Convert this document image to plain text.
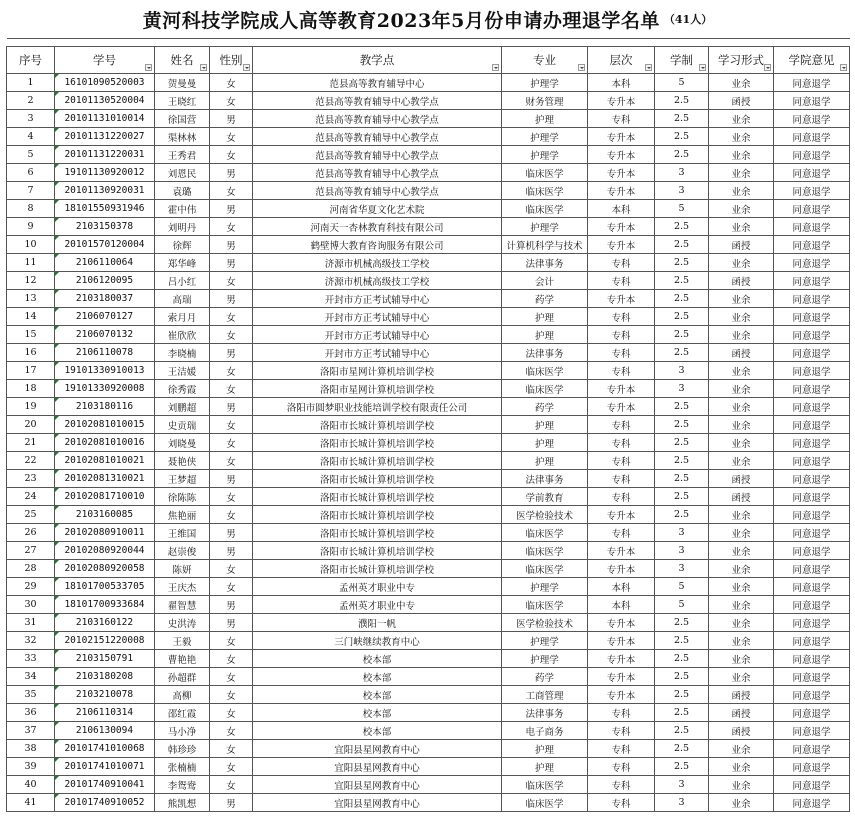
黄河科技学院成人高等教育2023年5月份申请办理退学名单 （41人）

序号	学号	姓名	性别	教学点	专业	层次	学制	学习形式	学院意见

1	16101090520003	贺曼曼	女	范县高等教育辅导中心	护理学	本科	5	业余	同意退学
2	20101130520004	王晓红	女	范县高等教育辅导中心教学点	财务管理	专升本	2.5	函授	同意退学
3	20101131010014	徐国营	男	范县高等教育辅导中心教学点	护理	专科	2.5	业余	同意退学
4	20101131220027	渠林林	女	范县高等教育辅导中心教学点	护理学	专升本	2.5	业余	同意退学
5	20101131220031	王秀君	女	范县高等教育辅导中心教学点	护理学	专升本	2.5	业余	同意退学
6	19101130920012	刘恩民	男	范县高等教育辅导中心教学点	临床医学	专升本	3	业余	同意退学
7	20101130920031	袁璐	女	范县高等教育辅导中心教学点	临床医学	专升本	3	业余	同意退学
8	18101550931946	霍中伟	男	河南省华夏文化艺术院	临床医学	本科	5	业余	同意退学
9	2103150378	刘明丹	女	河南天一杏林教育科技有限公司	护理学	专升本	2.5	业余	同意退学
10	20101570120004	徐辉	男	鹤壁博大教育咨询服务有限公司	计算机科学与技术	专升本	2.5	函授	同意退学
11	2106110064	郑华峰	男	济源市机械高级技工学校	法律事务	专科	2.5	业余	同意退学
12	2106120095	吕小红	女	济源市机械高级技工学校	会计	专科	2.5	函授	同意退学
13	2103180037	高瑞	男	开封市方正考试辅导中心	药学	专升本	2.5	业余	同意退学
14	2106070127	索月月	女	开封市方正考试辅导中心	护理	专科	2.5	业余	同意退学
15	2106070132	崔欣欣	女	开封市方正考试辅导中心	护理	专科	2.5	业余	同意退学
16	2106110078	李晓楠	男	开封市方正考试辅导中心	法律事务	专科	2.5	函授	同意退学
17	19101330910013	王洁媛	女	洛阳市星网计算机培训学校	临床医学	专科	3	业余	同意退学
18	19101330920008	徐秀霞	女	洛阳市星网计算机培训学校	临床医学	专升本	3	业余	同意退学
19	2103180116	刘鹏超	男	洛阳市圆梦职业技能培训学校有限责任公司	药学	专升本	2.5	业余	同意退学
20	20102081010015	史贡瑞	女	洛阳市长城计算机培训学校	护理	专科	2.5	业余	同意退学
21	20102081010016	刘晓曼	女	洛阳市长城计算机培训学校	护理	专科	2.5	业余	同意退学
22	20102081010021	聂艳侠	女	洛阳市长城计算机培训学校	护理	专科	2.5	业余	同意退学
23	20102081310021	王梦超	男	洛阳市长城计算机培训学校	法律事务	专科	2.5	函授	同意退学
24	20102081710010	徐陈陈	女	洛阳市长城计算机培训学校	学前教育	专科	2.5	函授	同意退学
25	2103160085	焦艳丽	女	洛阳市长城计算机培训学校	医学检验技术	专升本	2.5	业余	同意退学
26	20102080910011	王维国	男	洛阳市长城计算机培训学校	临床医学	专科	3	业余	同意退学
27	20102080920044	赵崇俊	男	洛阳市长城计算机培训学校	临床医学	专升本	3	业余	同意退学
28	20102080920058	陈妍	女	洛阳市长城计算机培训学校	临床医学	专升本	3	业余	同意退学
29	18101700533705	王庆杰	女	孟州英才职业中专	护理学	本科	5	业余	同意退学
30	18101700933684	翟智慧	男	孟州英才职业中专	临床医学	本科	5	业余	同意退学
31	2103160122	史洪涛	男	濮阳一帆	医学检验技术	专升本	2.5	业余	同意退学
32	20102151220008	王毅	女	三门峡继续教育中心	护理学	专升本	2.5	业余	同意退学
33	2103150791	曹艳艳	女	校本部	护理学	专升本	2.5	业余	同意退学
34	2103180208	孙超群	女	校本部	药学	专升本	2.5	业余	同意退学
35	2103210078	高柳	女	校本部	工商管理	专升本	2.5	函授	同意退学
36	2106110314	邵红霞	女	校本部	法律事务	专科	2.5	函授	同意退学
37	2106130094	马小净	女	校本部	电子商务	专科	2.5	函授	同意退学
38	20101741010068	韩珍珍	女	宜阳县星网教育中心	护理	专科	2.5	业余	同意退学
39	20101741010071	张楠楠	女	宜阳县星网教育中心	护理	专科	2.5	业余	同意退学
40	20101740910041	李鸳鸯	女	宜阳县星网教育中心	临床医学	专科	3	业余	同意退学
41	20101740910052	熊凯想	男	宜阳县星网教育中心	临床医学	专科	3	业余	同意退学
